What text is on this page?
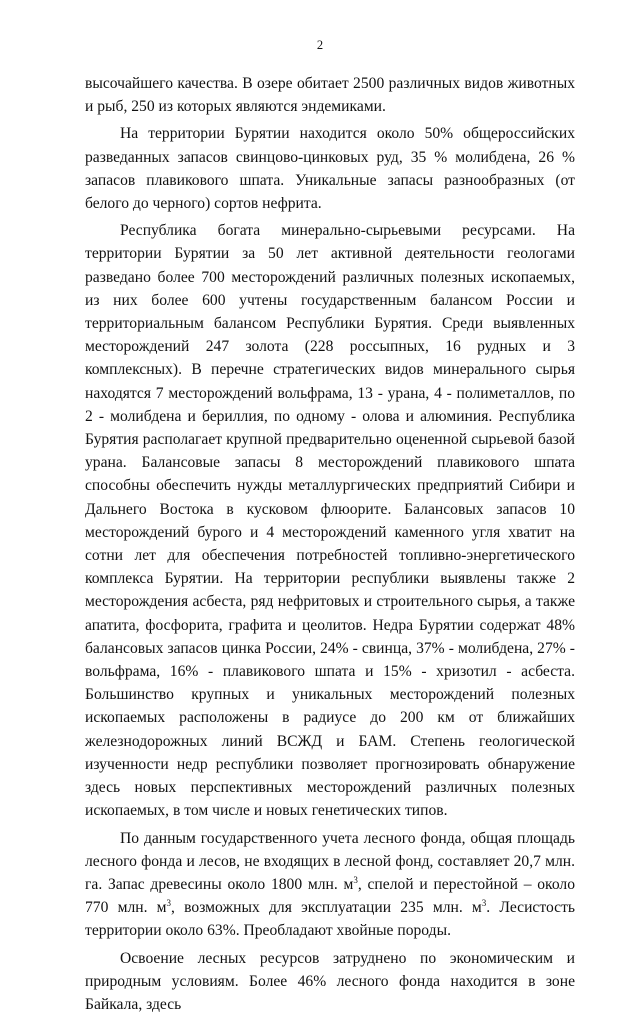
2

высочайшего качества. В озере обитает 2500 различных видов животных и рыб, 250 из которых являются эндемиками.

На территории Бурятии находится около 50% общероссийских разведанных запасов свинцово-цинковых руд, 35 % молибдена, 26 % запасов плавикового шпата. Уникальные запасы разнообразных (от белого до черного) сортов нефрита.

Республика богата минерально-сырьевыми ресурсами. На территории Бурятии за 50 лет активной деятельности геологами разведано более 700 месторождений различных полезных ископаемых, из них более 600 учтены государственным балансом России и территориальным балансом Республики Бурятия. Среди выявленных месторождений 247 золота (228 россыпных, 16 рудных и 3 комплексных). В перечне стратегических видов минерального сырья находятся 7 месторождений вольфрама, 13 - урана, 4 - полиметаллов, по 2 - молибдена и бериллия, по одному - олова и алюминия. Республика Бурятия располагает крупной предварительно оцененной сырьевой базой урана. Балансовые запасы 8 месторождений плавикового шпата способны обеспечить нужды металлургических предприятий Сибири и Дальнего Востока в кусковом флюорите. Балансовых запасов 10 месторождений бурого и 4 месторождений каменного угля хватит на сотни лет для обеспечения потребностей топливно-энергетического комплекса Бурятии. На территории республики выявлены также 2 месторождения асбеста, ряд нефритовых и строительного сырья, а также апатита, фосфорита, графита и цеолитов. Недра Бурятии содержат 48% балансовых запасов цинка России, 24% - свинца, 37% - молибдена, 27% - вольфрама, 16% - плавикового шпата и 15% - хризотил - асбеста. Большинство крупных и уникальных месторождений полезных ископаемых расположены в радиусе до 200 км от ближайших железнодорожных линий ВСЖД и БАМ. Степень геологической изученности недр республики позволяет прогнозировать обнаружение здесь новых перспективных месторождений различных полезных ископаемых, в том числе и новых генетических типов.

По данным государственного учета лесного фонда, общая площадь лесного фонда и лесов, не входящих в лесной фонд, составляет 20,7 млн. га. Запас древесины около 1800 млн. $м^3$, спелой и перестойной – около 770 млн. $м^3$, возможных для эксплуатации 235 млн. $м^3$. Лесистость территории около 63%. Преобладают хвойные породы.

Освоение лесных ресурсов затруднено по экономическим и природным условиям. Более 46% лесного фонда находится в зоне Байкала, здесь
